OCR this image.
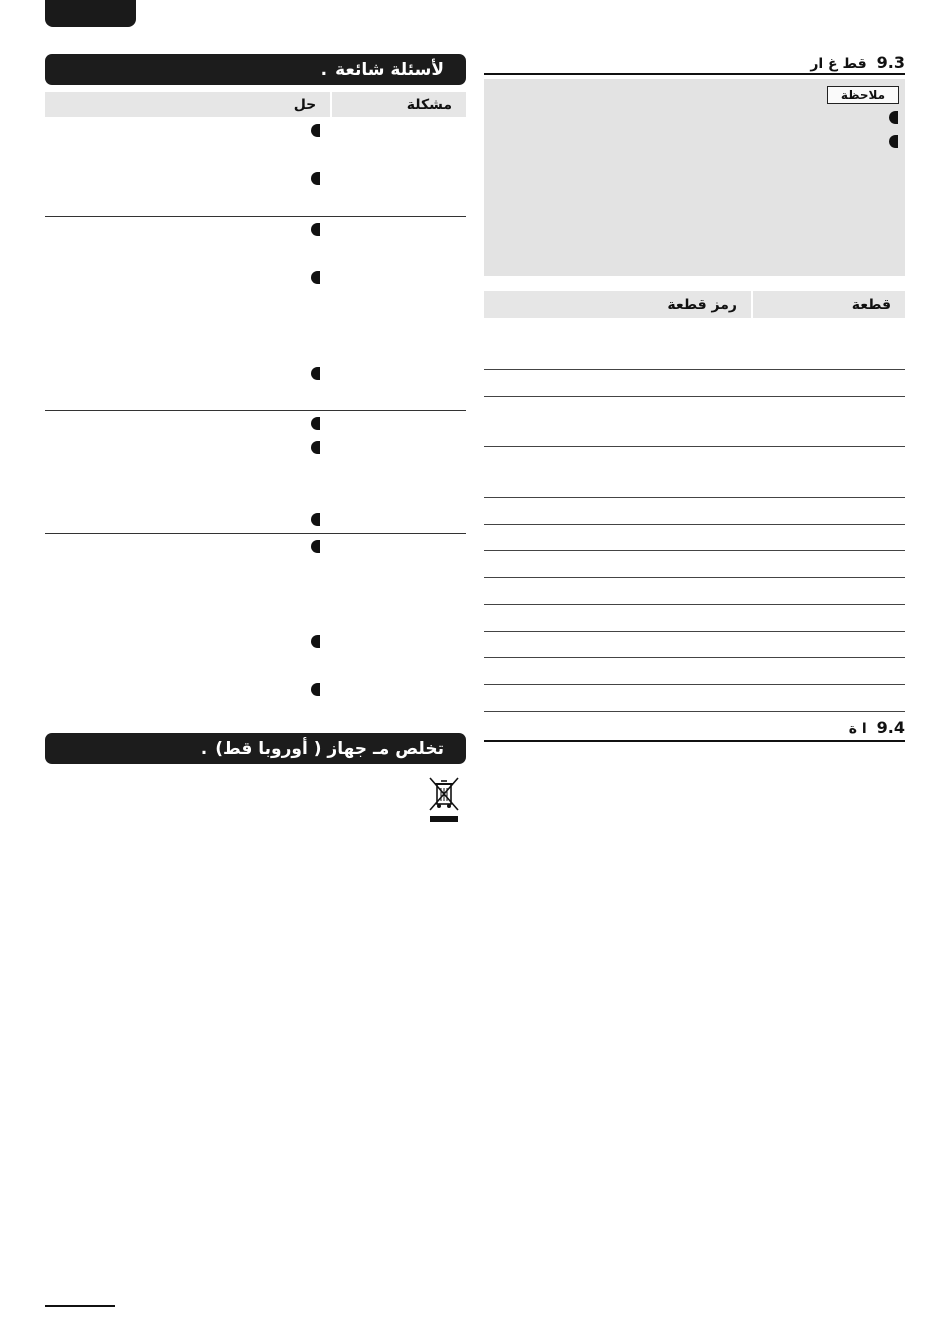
لأسئلة شائعة
.
مشكلة
حل
تخلص مـ جهاز ( أوروبا قط)
.
9.3
قط غ ار
ملاحظة
قطعة
رمز قطعة
9.4
ا ة
